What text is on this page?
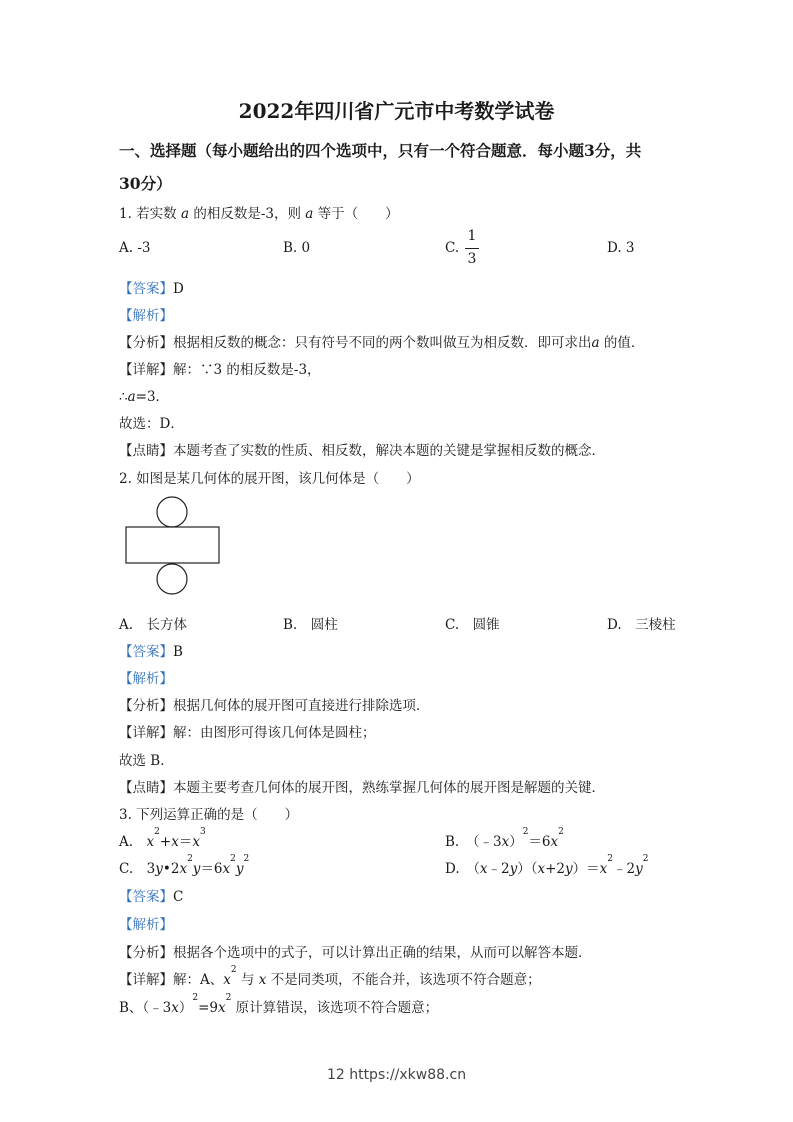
2022年四川省广元市中考数学试卷
一、选择题（每小题给出的四个选项中，只有一个符合题意．每小题3分，共
30分）
1. 若实数 a 的相反数是-3，则 a 等于（　　）
A. -3	B. 0	C.
1
3
D. 3
【答案】D
【解析】
【分析】根据相反数的概念：只有符号不同的两个数叫做互为相反数．即可求出a 的值．
【详解】解：∵3 的相反数是-3，
∴a=3．
故选：D．
【点睛】本题考查了实数的性质、相反数，解决本题的关键是掌握相反数的概念．
2. 如图是某几何体的展开图，该几何体是（　　）
A.　长方体	B.　圆柱	C.　圆锥	D.　三棱柱
【答案】B
【解析】
【分析】根据几何体的展开图可直接进行排除选项．
【详解】解：由图形可得该几何体是圆柱；
故选 B．
【点睛】本题主要考查几何体的展开图，熟练掌握几何体的展开图是解题的关键．
3. 下列运算正确的是（　　）
A.　$x^2+x=x^3$
B.　$(﹣3x)^2=6x^2$
C.　$3y•2x^2y=6x^2y^2$
D.　$(x﹣2y)(x+2y)=x^2﹣2y^2$
【答案】C
【解析】
【分析】根据各个选项中的式子，可以计算出正确的结果，从而可以解答本题．
【详解】解：A、$x^2$ 与 x 不是同类项，不能合并，该选项不符合题意；
B、$(﹣3x)^2=9x^2$ 原计算错误，该选项不符合题意；
12 https://xkw88.cn
